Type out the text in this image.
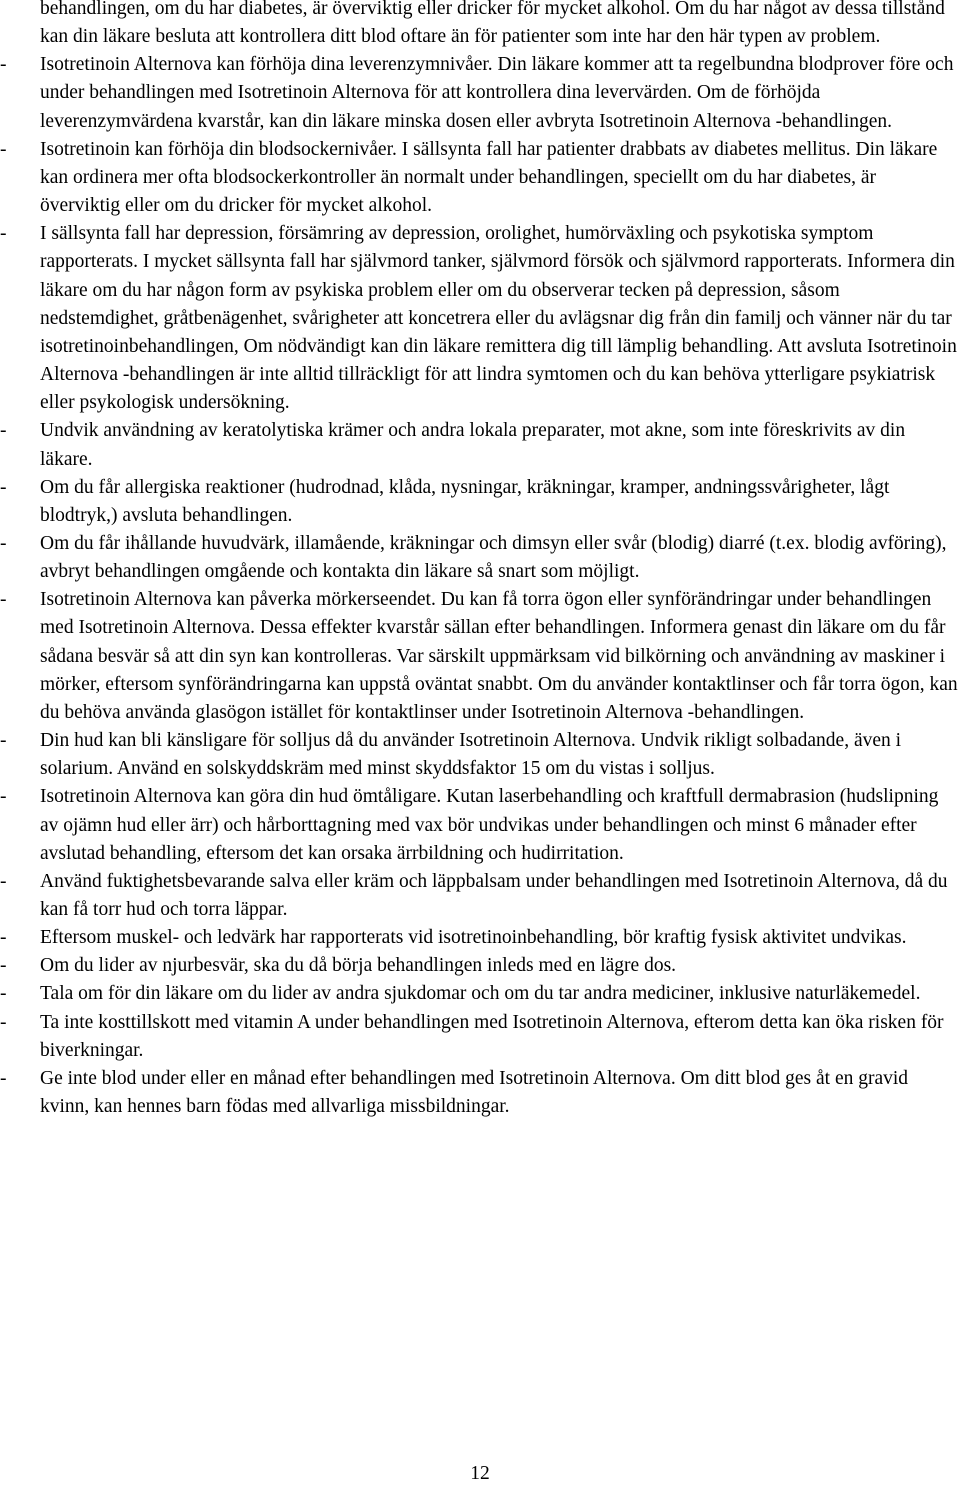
behandlingen, om du har diabetes, är överviktig eller dricker för mycket alkohol. Om du har något av dessa tillstånd kan din läkare besluta att kontrollera ditt blod oftare än för patienter som inte har den här typen av problem.

-	Isotretinoin Alternova kan förhöja dina leverenzymnivåer. Din läkare kommer att ta regelbundna blodprover före och under behandlingen med Isotretinoin Alternova för att kontrollera dina levervärden. Om de förhöjda leverenzymvärdena kvarstår, kan din läkare minska dosen eller avbryta Isotretinoin Alternova -behandlingen.
-	Isotretinoin kan förhöja din blodsockernivåer. I sällsynta fall har patienter drabbats av diabetes mellitus. Din läkare kan ordinera mer ofta blodsockerkontroller än normalt under behandlingen, speciellt om du har diabetes, är överviktig eller om du dricker för mycket alkohol.
-	I sällsynta fall har depression, försämring av depression, orolighet, humörväxling och psykotiska symptom rapporterats. I mycket sällsynta fall har självmord tanker, självmord försök och självmord rapporterats. Informera din läkare om du har någon form av psykiska problem eller om du observerar tecken på depression, såsom nedstemdighet, gråtbenägenhet, svårigheter att koncetrera eller du avlägsnar dig från din familj och vänner när du tar isotretinoinbehandlingen, Om nödvändigt kan din läkare remittera dig till lämplig behandling. Att avsluta Isotretinoin Alternova -behandlingen är inte alltid tillräckligt för att lindra symtomen och du kan behöva ytterligare psykiatrisk eller psykologisk undersökning.
-	Undvik användning av keratolytiska krämer och andra lokala preparater, mot akne, som inte föreskrivits av din läkare.
-	Om du får allergiska reaktioner (hudrodnad, klåda, nysningar, kräkningar, kramper, andningssvårigheter, lågt blodtryk,) avsluta behandlingen.
-	Om du får ihållande huvudvärk, illamående, kräkningar och dimsyn eller svår (blodig) diarré (t.ex. blodig avföring), avbryt behandlingen omgående och kontakta din läkare så snart som möjligt.
-	Isotretinoin Alternova kan påverka mörkerseendet. Du kan få torra ögon eller synförändringar under behandlingen med Isotretinoin Alternova. Dessa effekter kvarstår sällan efter behandlingen. Informera genast din läkare om du får sådana besvär så att din syn kan kontrolleras. Var särskilt uppmärksam vid bilkörning och användning av maskiner i mörker, eftersom synförändringarna kan uppstå oväntat snabbt. Om du använder kontaktlinser och får torra ögon, kan du behöva använda glasögon istället för kontaktlinser under Isotretinoin Alternova -behandlingen.
-	Din hud kan bli känsligare för solljus då du använder Isotretinoin Alternova. Undvik rikligt solbadande, även i solarium. Använd en solskyddskräm med minst skyddsfaktor 15 om du vistas i solljus.
-	Isotretinoin Alternova kan göra din hud ömtåligare. Kutan laserbehandling och kraftfull dermabrasion (hudslipning av ojämn hud eller ärr) och hårborttagning med vax bör undvikas under behandlingen och minst 6 månader efter avslutad behandling, eftersom det kan orsaka ärrbildning och hudirritation.
-	Använd fuktighetsbevarande salva eller kräm och läppbalsam under behandlingen med Isotretinoin Alternova, då du kan få torr hud och torra läppar.
-	Eftersom muskel- och ledvärk har rapporterats vid isotretinoinbehandling, bör kraftig fysisk aktivitet undvikas.
-	Om du lider av njurbesvär, ska du då börja behandlingen inleds med en lägre dos.
-	Tala om för din läkare om du lider av andra sjukdomar och om du tar andra mediciner, inklusive naturläkemedel.
-	Ta inte kosttillskott med vitamin A under behandlingen med Isotretinoin Alternova, efterom detta kan öka risken för biverkningar.
-	Ge inte blod under eller en månad efter behandlingen med Isotretinoin Alternova. Om ditt blod ges åt en gravid kvinn, kan hennes barn födas med allvarliga missbildningar.
12
